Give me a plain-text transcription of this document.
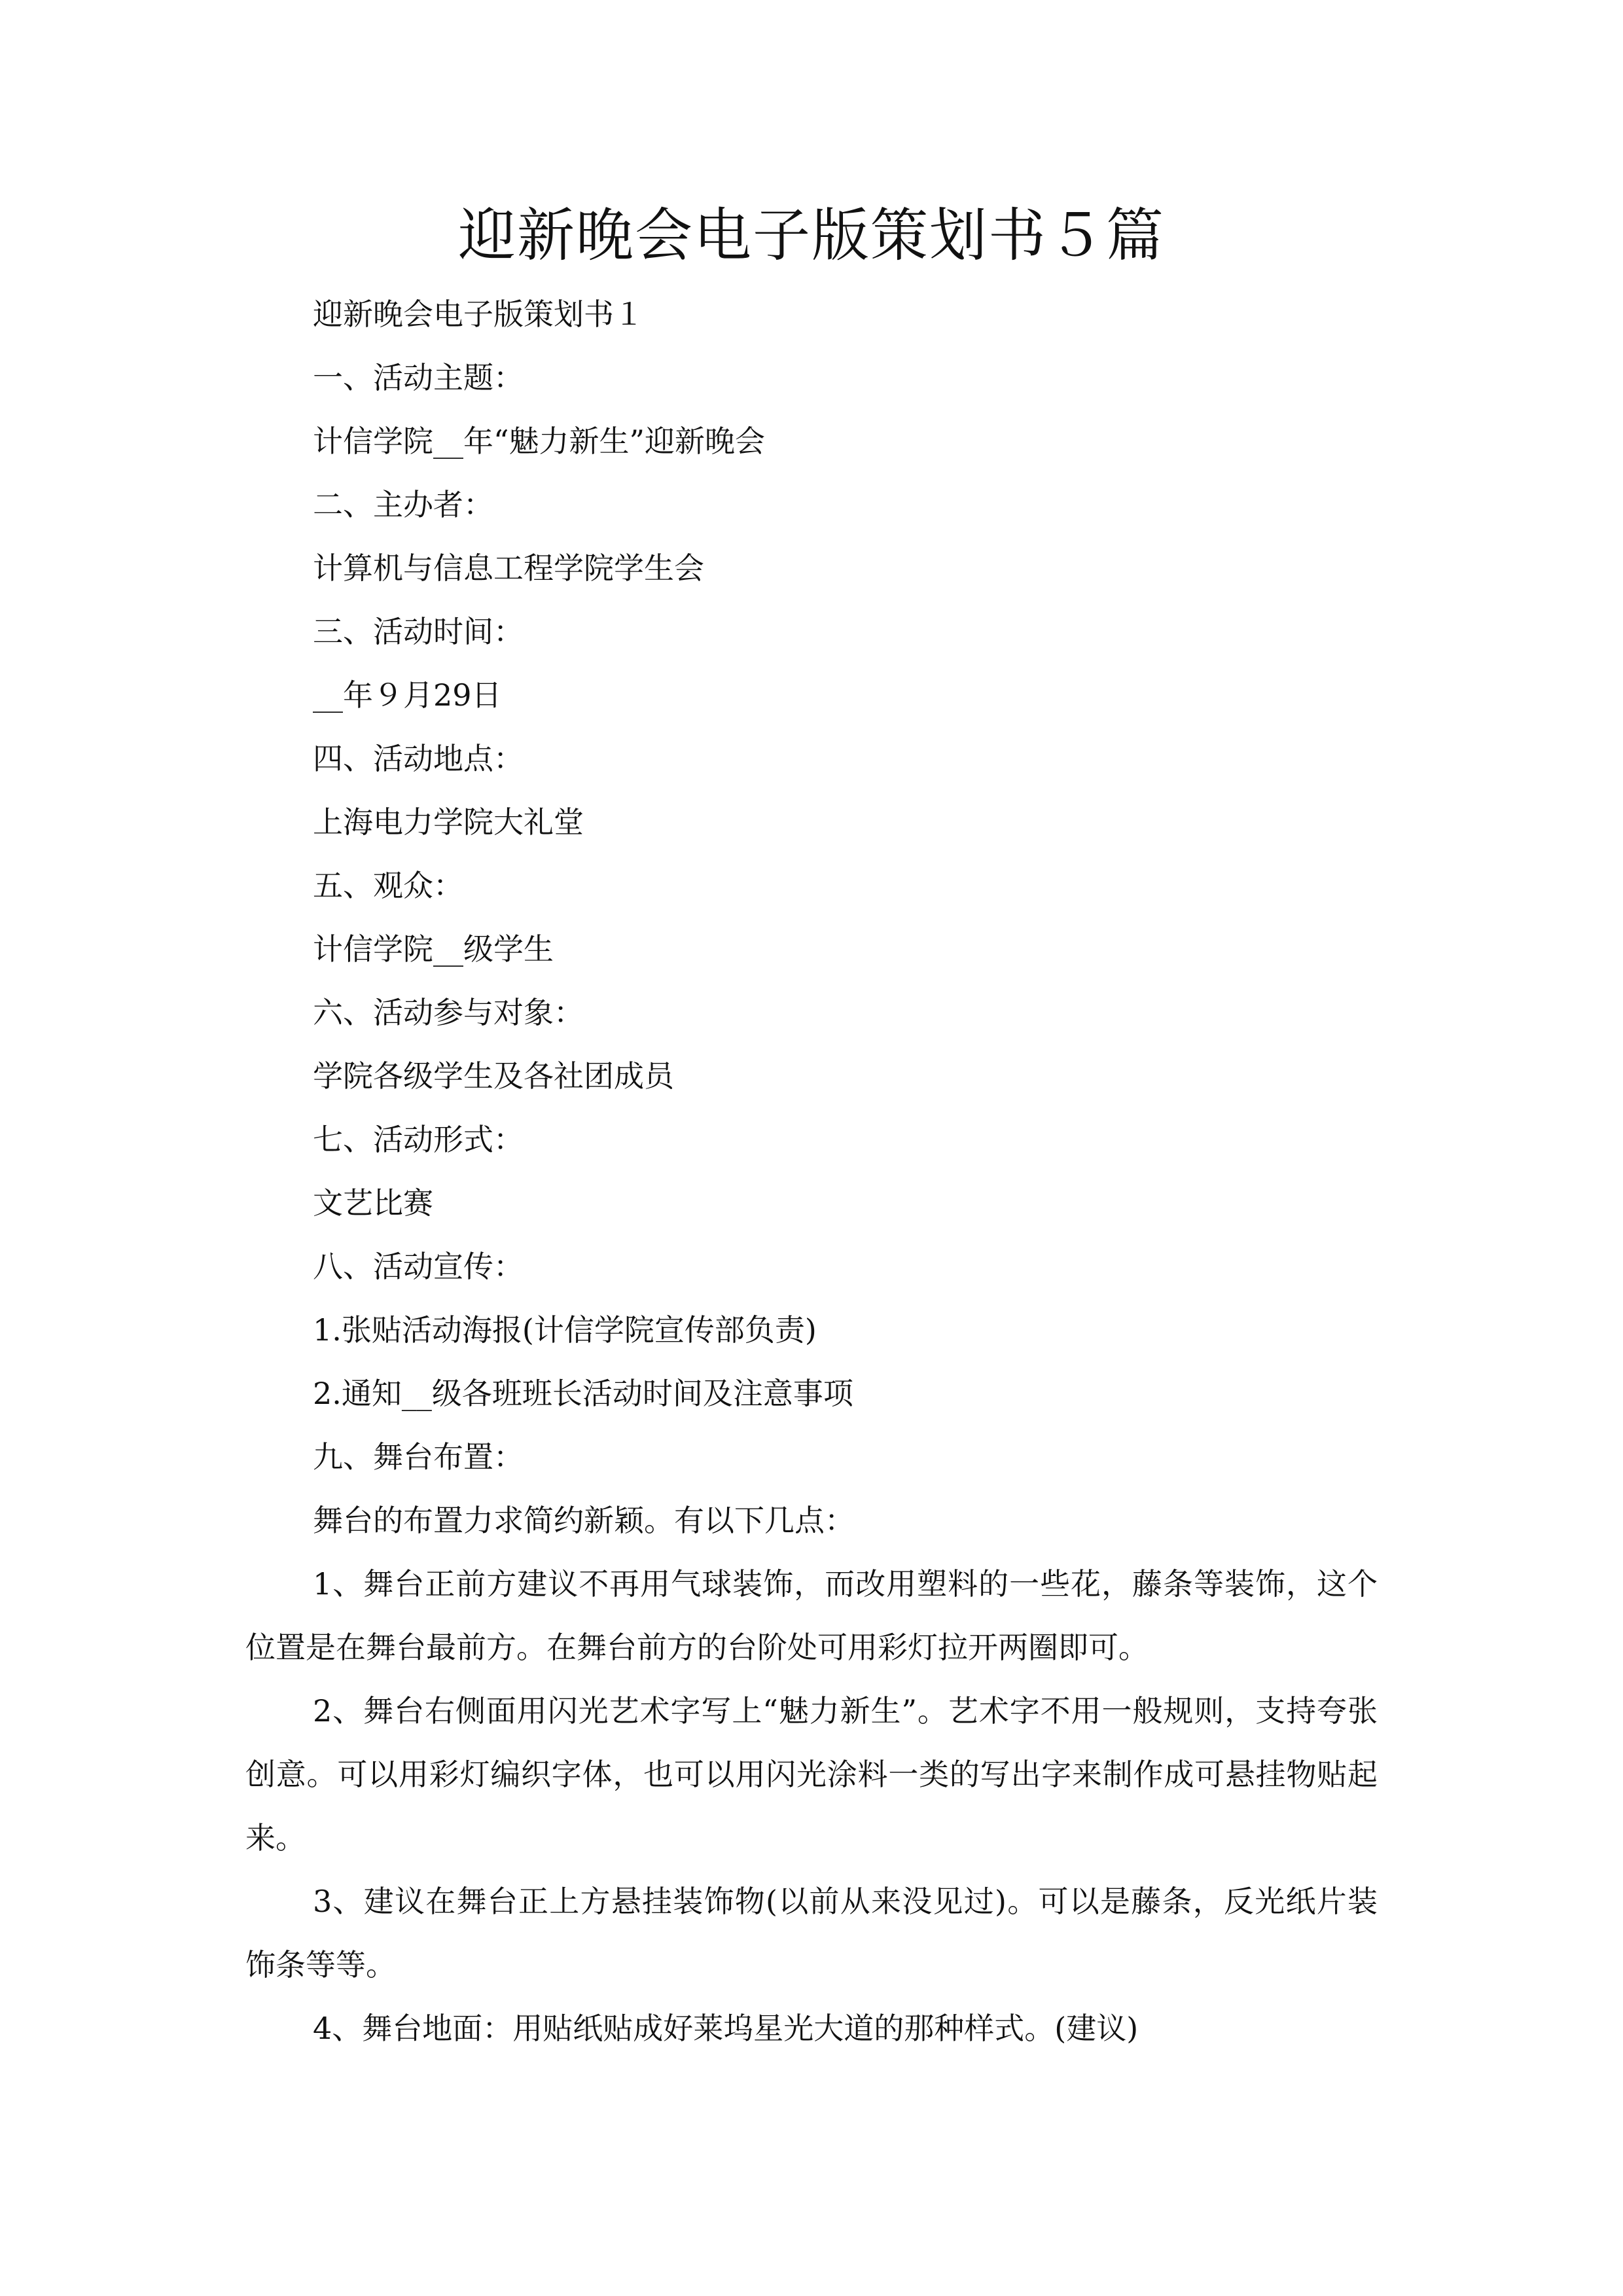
迎新晚会电子版策划书５篇

迎新晚会电子版策划书１

一、活动主题：

计信学院__年“魅力新生”迎新晚会

二、主办者：

计算机与信息工程学院学生会

三、活动时间：

__年９月29日

四、活动地点：

上海电力学院大礼堂

五、观众：

计信学院__级学生

六、活动参与对象：

学院各级学生及各社团成员

七、活动形式：

文艺比赛

八、活动宣传：

1.张贴活动海报(计信学院宣传部负责)

2.通知__级各班班长活动时间及注意事项

九、舞台布置：

舞台的布置力求简约新颖。有以下几点：

1、舞台正前方建议不再用气球装饰，而改用塑料的一些花，藤条等装饰，这个位置是在舞台最前方。在舞台前方的台阶处可用彩灯拉开两圈即可。

2、舞台右侧面用闪光艺术字写上“魅力新生”。艺术字不用一般规则，支持夸张创意。可以用彩灯编织字体，也可以用闪光涂料一类的写出字来制作成可悬挂物贴起来。

3、建议在舞台正上方悬挂装饰物(以前从来没见过)。可以是藤条，反光纸片装饰条等等。

4、舞台地面：用贴纸贴成好莱坞星光大道的那种样式。(建议)
